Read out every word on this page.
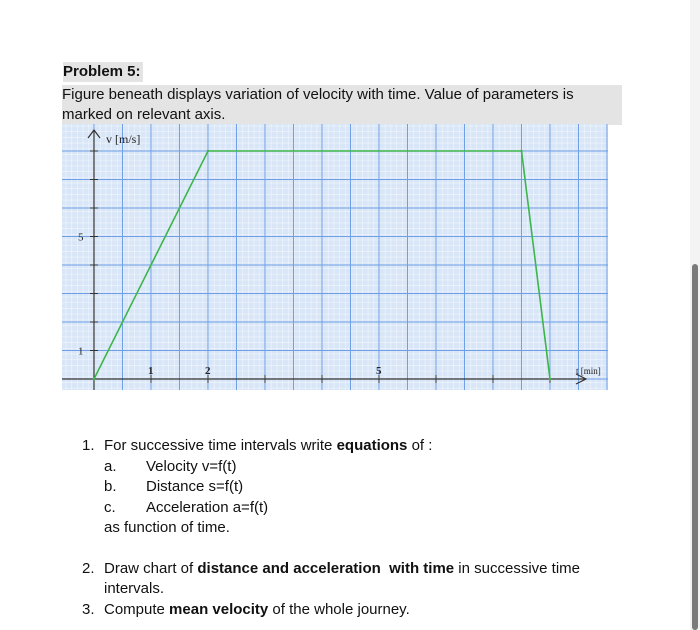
Problem 5:
Figure beneath displays variation of velocity with time. Value of parameters is
marked on relevant axis.
1	2	5
1
5
v [m/s]
t [min]
1. For successive time intervals write equations of :
a. Velocity v=f(t)
b. Distance s=f(t)
c. Acceleration a=f(t)
as function of time.
2. Draw chart of distance and acceleration with time in successive time
intervals.
3. Compute mean velocity of the whole journey.
